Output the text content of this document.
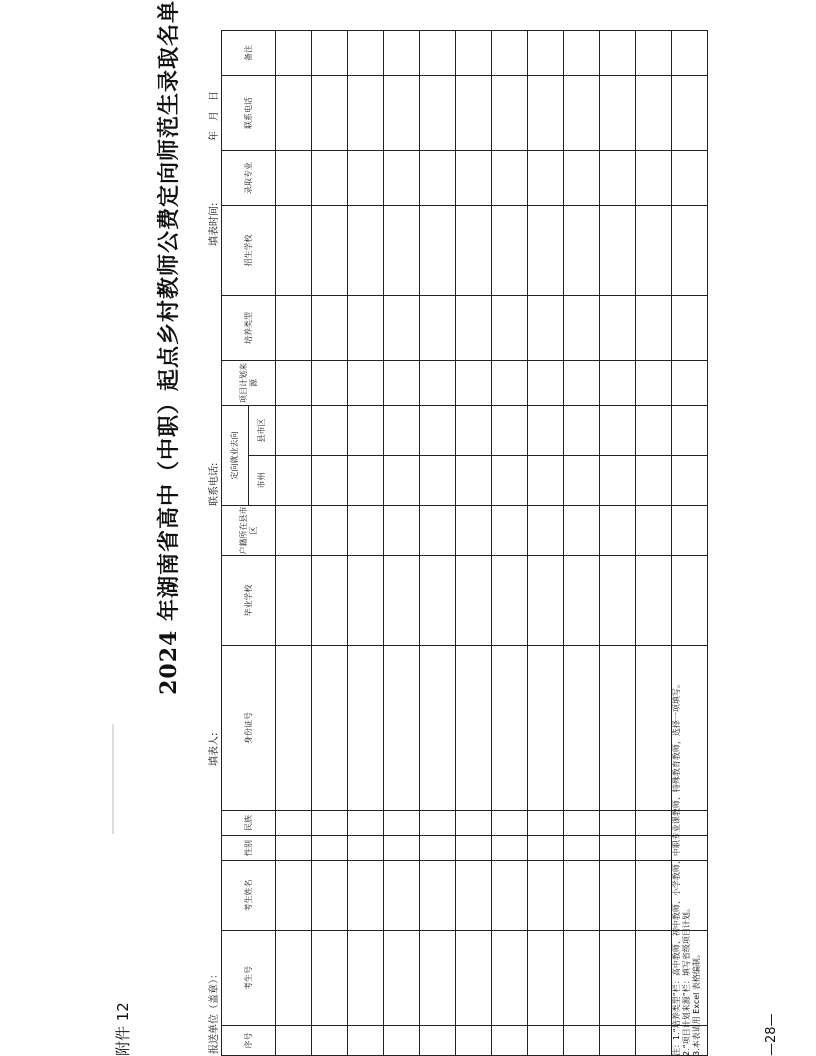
附件 12
2024 年湖南省高中（中职）起点乡村教师公费定向师范生录取名单
报送单位（盖章）：
填表人:
联系电话:
填表时间:
年　月　日
序号	考生号	考生姓名	性别	民族	身份证号	毕业学校	户籍所在县市区	定向就业去向		项目计划来源	培养类型	招生学校	录取专业	联系电话	备注
								市州	县市区						

注：1.“培养类型”栏：高中教师、初中教师、小学教师、中职专业课教师、特殊教育教师，选择一项填写。 2.“项目计划来源”栏：填写省级项目计划。 3.本表请用 Excel 表格编制。	—28—
